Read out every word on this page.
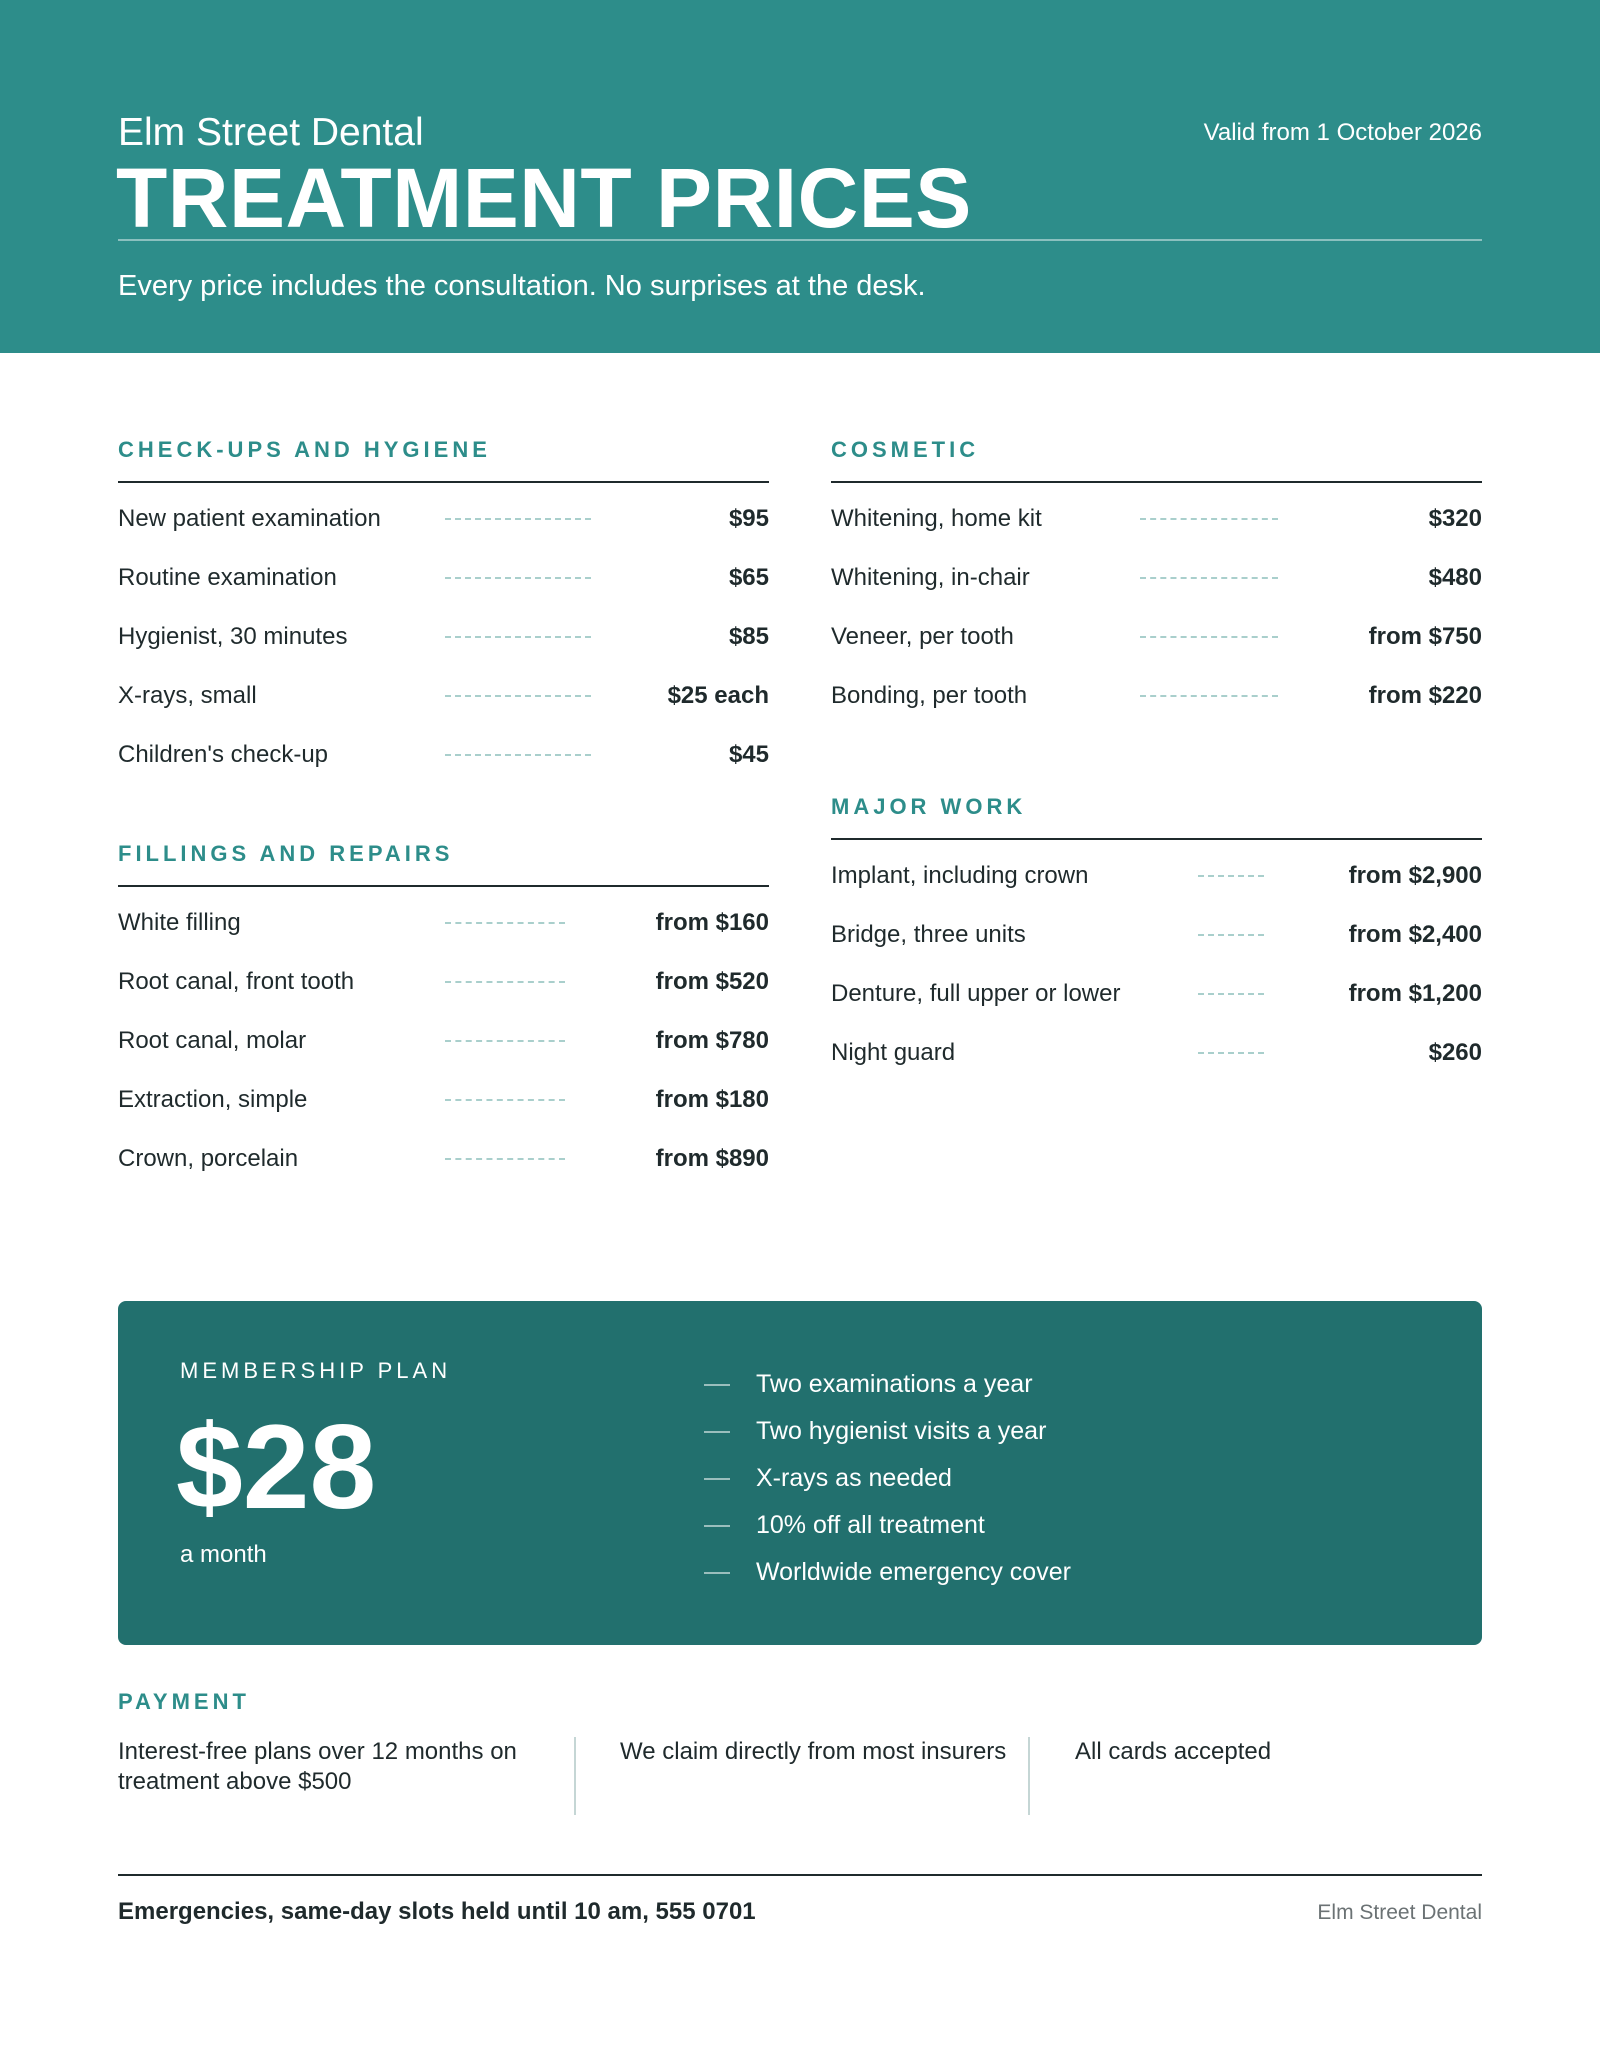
Elm Street Dental	Valid from 1 October 2026
TREATMENT PRICES

Every price includes the consultation. No surprises at the desk.

CHECK-UPS AND HYGIENE
New patient examination	$95
Routine examination	$65
Hygienist, 30 minutes	$85
X-rays, small	$25 each
Children's check-up	$45
FILLINGS AND REPAIRS
White filling	from $160
Root canal, front tooth	from $520
Root canal, molar	from $780
Extraction, simple	from $180
Crown, porcelain	from $890
COSMETIC
Whitening, home kit	$320
Whitening, in-chair	$480
Veneer, per tooth	from $750
Bonding, per tooth	from $220
MAJOR WORK
Implant, including crown	from $2,900
Bridge, three units	from $2,400
Denture, full upper or lower	from $1,200
Night guard	$260
MEMBERSHIP PLAN
$28
a month
Two examinations a year
Two hygienist visits a year
X-rays as needed
10% off all treatment
Worldwide emergency cover
PAYMENT
Interest-free plans over 12 months on treatment above $500
We claim directly from most insurers	All cards accepted
Emergencies, same-day slots held until 10 am, 555 0701	Elm Street Dental
